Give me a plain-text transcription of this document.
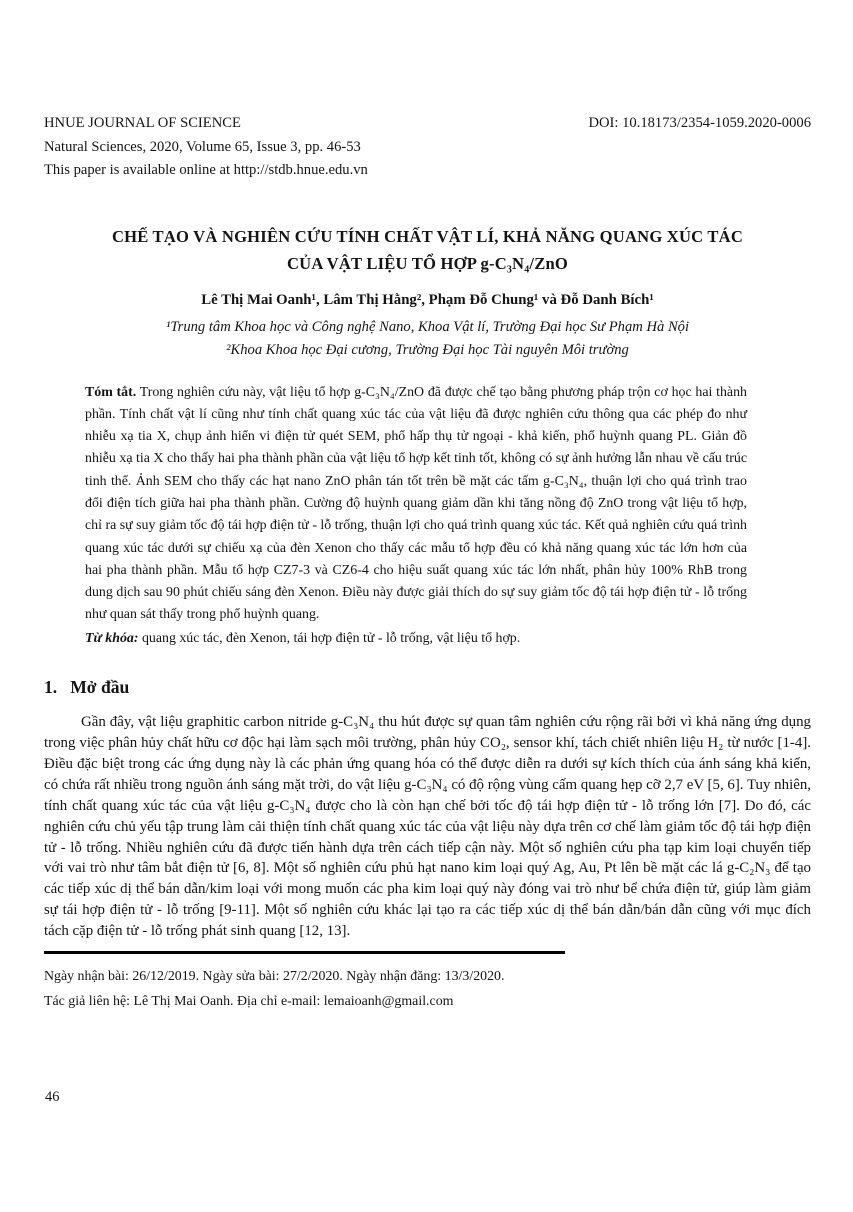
HNUE JOURNAL OF SCIENCE	DOI: 10.18173/2354-1059.2020-0006
Natural Sciences, 2020, Volume 65, Issue 3, pp. 46-53
This paper is available online at http://stdb.hnue.edu.vn
CHẾ TẠO VÀ NGHIÊN CỨU TÍNH CHẤT VẬT LÍ, KHẢ NĂNG QUANG XÚC TÁC
CỦA VẬT LIỆU TỔ HỢP g-C₃N₄/ZnO
Lê Thị Mai Oanh¹, Lâm Thị Hằng², Phạm Đỗ Chung¹ và Đỗ Danh Bích¹
¹Trung tâm Khoa học và Công nghệ Nano, Khoa Vật lí, Trường Đại học Sư Phạm Hà Nội
²Khoa Khoa học Đại cương, Trường Đại học Tài nguyên Môi trường

Tóm tắt. Trong nghiên cứu này, vật liệu tổ hợp g-C₃N₄/ZnO đã được chế tạo bằng phương pháp trộn cơ học hai thành phần. Tính chất vật lí cũng như tính chất quang xúc tác của vật liệu đã được nghiên cứu thông qua các phép đo như nhiễu xạ tia X, chụp ảnh hiển vi điện tử quét SEM, phổ hấp thụ tử ngoại - khả kiến, phổ huỳnh quang PL. Giản đồ nhiễu xạ tia X cho thấy hai pha thành phần của vật liệu tổ hợp kết tinh tốt, không có sự ảnh hưởng lẫn nhau về cấu trúc tinh thể. Ảnh SEM cho thấy các hạt nano ZnO phân tán tốt trên bề mặt các tấm g-C₃N₄, thuận lợi cho quá trình trao đổi điện tích giữa hai pha thành phần. Cường độ huỳnh quang giảm dần khi tăng nồng độ ZnO trong vật liệu tổ hợp, chỉ ra sự suy giảm tốc độ tái hợp điện tử - lỗ trống, thuận lợi cho quá trình quang xúc tác. Kết quả nghiên cứu quá trình quang xúc tác dưới sự chiếu xạ của đèn Xenon cho thấy các mẫu tổ hợp đều có khả năng quang xúc tác lớn hơn của hai pha thành phần. Mẫu tổ hợp CZ7-3 và CZ6-4 cho hiệu suất quang xúc tác lớn nhất, phân hủy 100% RhB trong dung dịch sau 90 phút chiếu sáng đèn Xenon. Điều này được giải thích do sự suy giảm tốc độ tái hợp điện tử - lỗ trống như quan sát thấy trong phổ huỳnh quang.

Từ khóa: quang xúc tác, đèn Xenon, tái hợp điện tử - lỗ trống, vật liệu tổ hợp.

1. Mở đầu

Gần đây, vật liệu graphitic carbon nitride g-C₃N₄ thu hút được sự quan tâm nghiên cứu rộng rãi bởi vì khả năng ứng dụng trong việc phân hủy chất hữu cơ độc hại làm sạch môi trường, phân hủy CO₂, sensor khí, tách chiết nhiên liệu H₂ từ nước [1-4]. Điều đặc biệt trong các ứng dụng này là các phản ứng quang hóa có thể được diễn ra dưới sự kích thích của ánh sáng khả kiến, có chứa rất nhiều trong nguồn ánh sáng mặt trời, do vật liệu g-C₃N₄ có độ rộng vùng cấm quang hẹp cỡ 2,7 eV [5, 6]. Tuy nhiên, tính chất quang xúc tác của vật liệu g-C₃N₄ được cho là còn hạn chế bởi tốc độ tái hợp điện tử - lỗ trống lớn [7]. Do đó, các nghiên cứu chủ yếu tập trung làm cải thiện tính chất quang xúc tác của vật liệu này dựa trên cơ chế làm giảm tốc độ tái hợp điện tử - lỗ trống. Nhiều nghiên cứu đã được tiến hành dựa trên cách tiếp cận này. Một số nghiên cứu pha tạp kim loại chuyển tiếp với vai trò như tâm bắt điện tử [6, 8]. Một số nghiên cứu phủ hạt nano kim loại quý Ag, Au, Pt lên bề mặt các lá g-C₂N₃ để tạo các tiếp xúc dị thể bán dẫn/kim loại với mong muốn các pha kim loại quý này đóng vai trò như bể chứa điện tử, giúp làm giảm sự tái hợp điện tử - lỗ trống [9-11]. Một số nghiên cứu khác lại tạo ra các tiếp xúc dị thể bán dẫn/bán dẫn cũng với mục đích tách cặp điện tử - lỗ trống phát sinh quang [12, 13].

Ngày nhận bài: 26/12/2019. Ngày sửa bài: 27/2/2020. Ngày nhận đăng: 13/3/2020.
Tác giả liên hệ: Lê Thị Mai Oanh. Địa chỉ e-mail: lemaioanh@gmail.com
46
